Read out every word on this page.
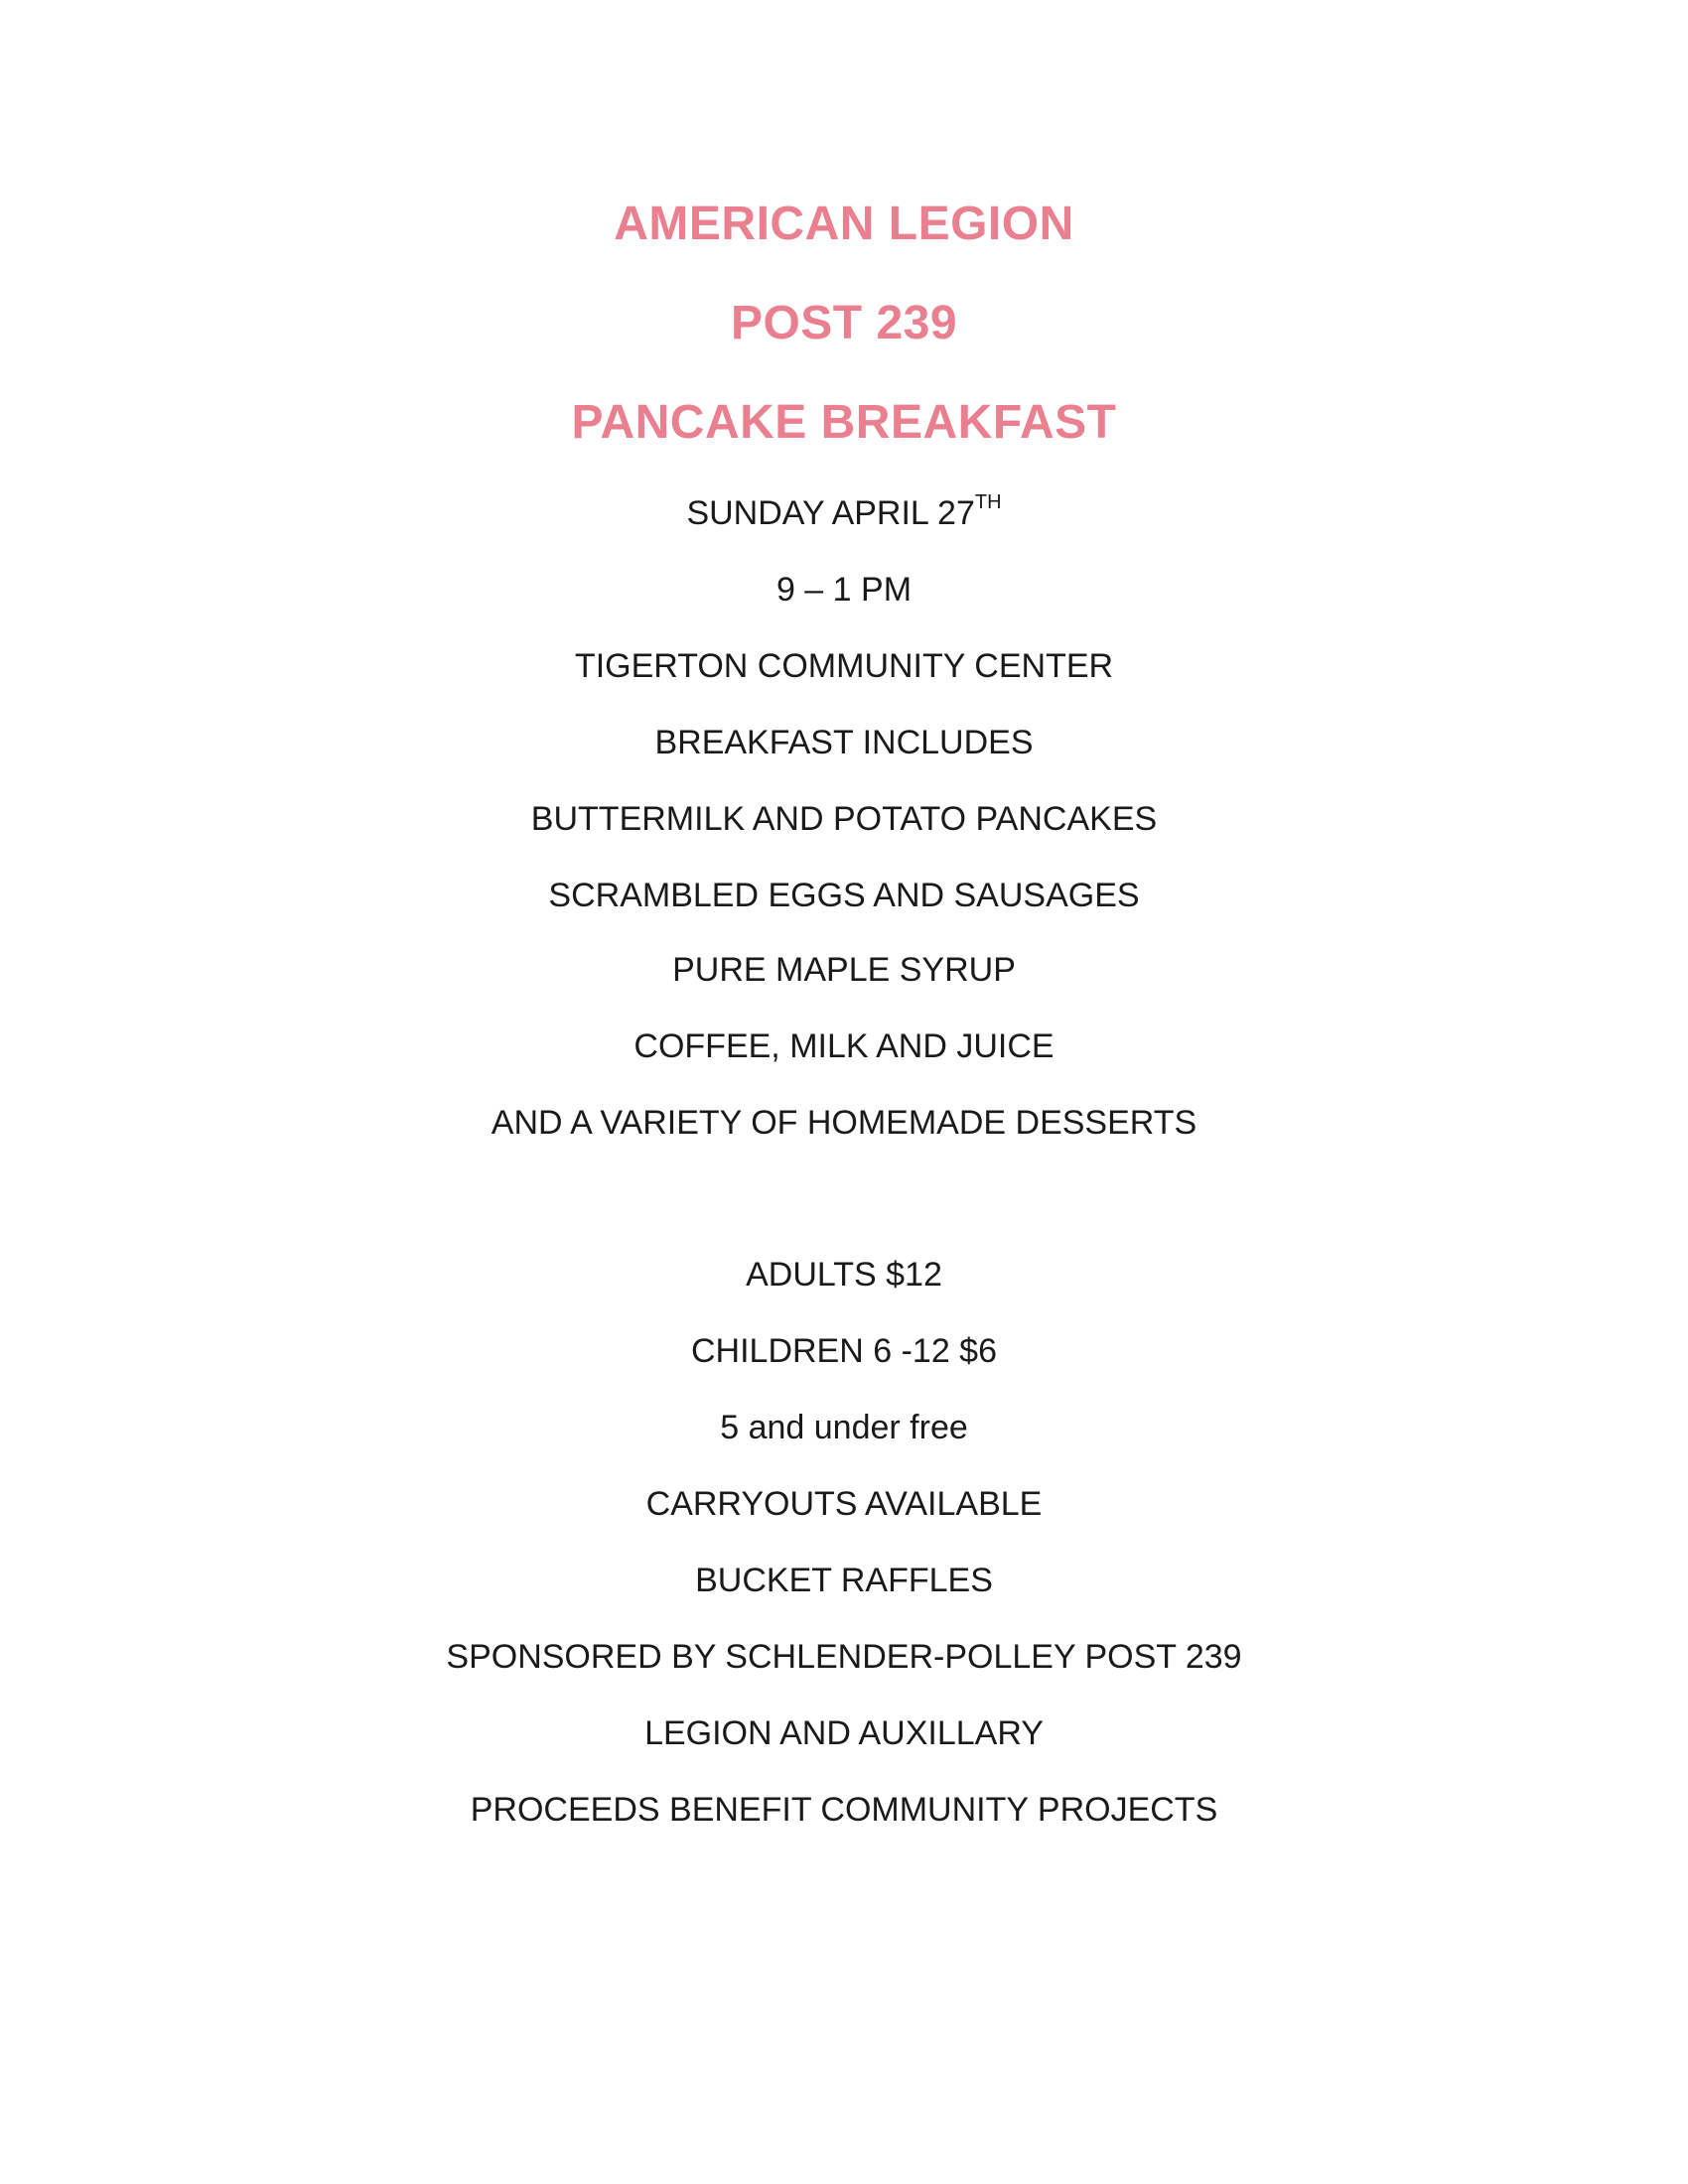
AMERICAN LEGION
POST 239
PANCAKE BREAKFAST
SUNDAY APRIL 27TH
9 – 1 PM
TIGERTON COMMUNITY CENTER
BREAKFAST INCLUDES
BUTTERMILK AND POTATO PANCAKES
SCRAMBLED EGGS AND SAUSAGES
PURE MAPLE SYRUP
COFFEE, MILK AND JUICE
AND A VARIETY OF HOMEMADE DESSERTS
ADULTS $12
CHILDREN 6 -12 $6
5 and under free
CARRYOUTS AVAILABLE
BUCKET RAFFLES
SPONSORED BY SCHLENDER-POLLEY POST 239
LEGION AND AUXILLARY
PROCEEDS BENEFIT COMMUNITY PROJECTS
